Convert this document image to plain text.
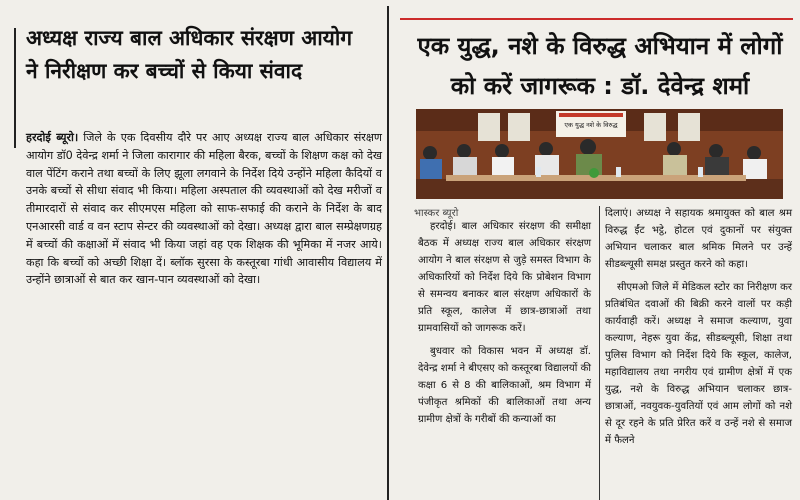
अध्यक्ष राज्य बाल अधिकार संरक्षण आयोग
ने निरीक्षण कर बच्चों से किया संवाद

हरदोई ब्यूरो। जिले के एक दिवसीय दौरे पर आए अध्यक्ष राज्य बाल अधिकार संरक्षण आयोग डॉ0 देवेन्द्र शर्मा ने जिला कारागार की महिला बैरक, बच्चों के शिक्षण कक्ष को देख वाल पेंटिंग कराने तथा बच्चों के लिए झूला लगवाने के निर्देश दिये उन्होंने महिला कैदियों व उनके बच्चों से सीधा संवाद भी किया। महिला अस्पताल की व्यवस्थाओं को देख मरीजों व तीमारदारों से संवाद कर सीएमएस महिला को साफ-सफाई की कराने के निर्देश के बाद एनआरसी वार्ड व वन स्टाप सेन्टर की व्यवस्थाओं को देखा। अध्यक्ष द्वारा बाल सम्प्रेक्षणग्रह में बच्चों की कक्षाओं में संवाद भी किया जहां वह एक शिक्षक की भूमिका में नजर आये। कहा कि बच्चों को अच्छी शिक्षा दें। ब्लॉक सुरसा के कस्तूरबा गांधी आवासीय विद्यालय में उन्होंने छात्राओं से बात कर खान-पान व्यवस्थाओं को देखा।

एक युद्ध, नशे के विरुद्ध अभियान में लोगों
को करें जागरूक : डॉ. देवेन्द्र शर्मा
एक युद्ध नशे के विरुद्ध

भास्कर ब्यूरो

हरदोई। बाल अधिकार संरक्षण की समीक्षा बैठक में अध्यक्ष राज्य बाल अधिकार संरक्षण आयोग ने बाल संरक्षण से जुड़े समस्त विभाग के अधिकारियों को निर्देश दिये कि प्रोबेशन विभाग से समन्वय बनाकर बाल संरक्षण अधिकारों के प्रति स्कूल, कालेज में छात्र-छात्राओं तथा ग्रामवासियों को जागरूक करें।

बुधवार को विकास भवन में अध्यक्ष डॉ. देवेन्द्र शर्मा ने बीएसए को कस्तूरबा विद्यालयों की कक्षा 6 से 8 की बालिकाओं, श्रम विभाग में पंजीकृत श्रमिकों की बालिकाओं तथा अन्य ग्रामीण क्षेत्रों के गरीबों की कन्याओं का

दिलाएं। अध्यक्ष ने सहायक श्रमायुक्त को बाल श्रम विरुद्ध ईंट भट्ठे, होटल एवं दुकानों पर संयुक्त अभियान चलाकर बाल श्रमिक मिलने पर उन्हें सीडब्ल्यूसी समक्ष प्रस्तुत करने को कहा।

सीएमओ जिले में मेडिकल स्टोर का निरीक्षण कर प्रतिबंधित दवाओं की बिक्री करने वालों पर कड़ी कार्यवाही करें। अध्यक्ष ने समाज कल्याण, युवा कल्याण, नेहरू युवा केंद्र, सीडब्ल्यूसी, शिक्षा तथा पुलिस विभाग को निर्देश दिये कि स्कूल, कालेज, महाविद्यालय तथा नगरीय एवं ग्रामीण क्षेत्रों में एक युद्ध, नशे के विरुद्ध अभियान चलाकर छात्र-छात्राओं, नवयुवक-युवतियों एवं आम लोगों को नशे से दूर रहने के प्रति प्रेरित करें व उन्हें नशे से समाज में फैलने
